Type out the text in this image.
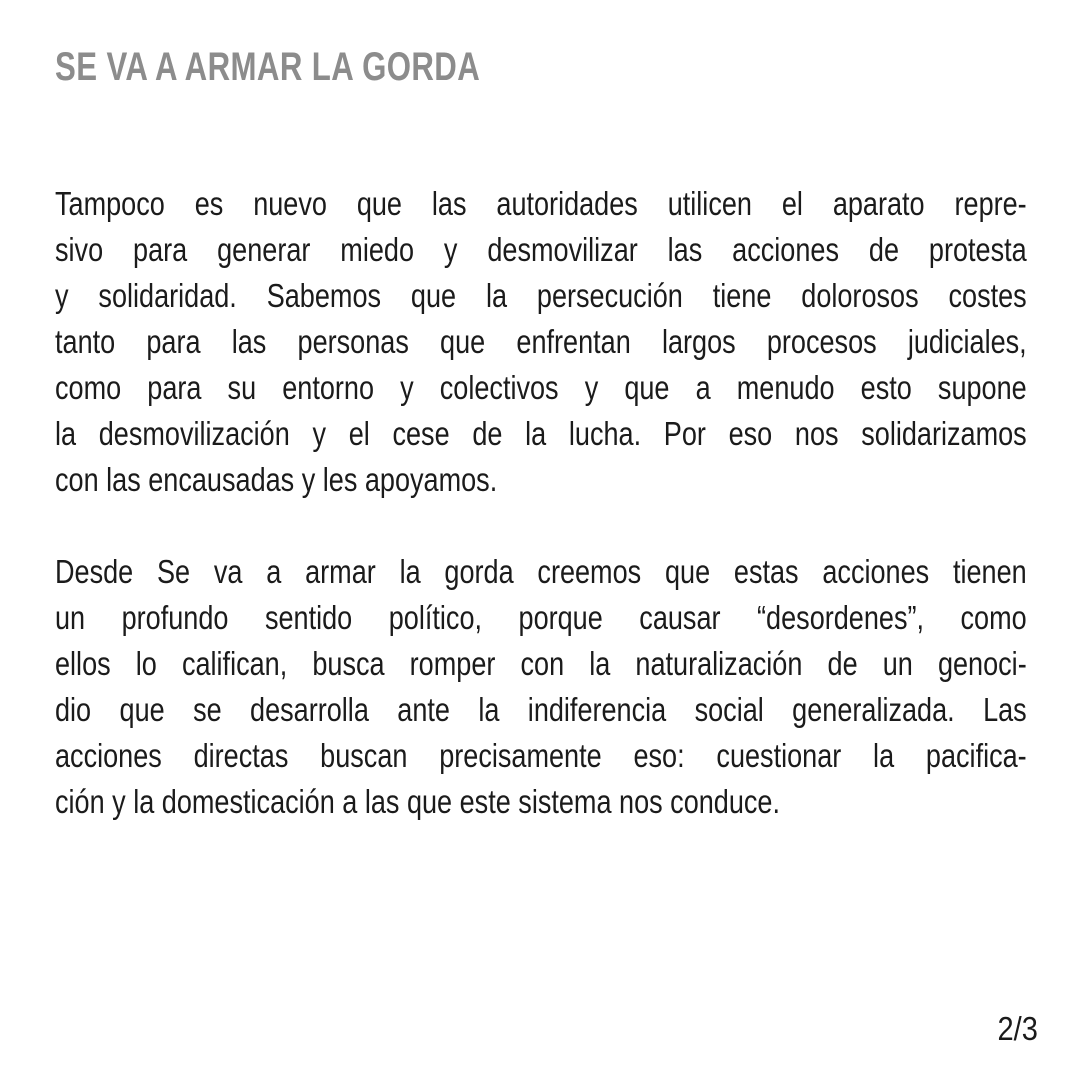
SE VA A ARMAR LA GORDA
Tampoco es nuevo que las autoridades utilicen el aparato repre-
sivo para generar miedo y desmovilizar las acciones de protesta
y solidaridad. Sabemos que la persecución tiene dolorosos costes
tanto para las personas que enfrentan largos procesos judiciales,
como para su entorno y colectivos y que a menudo esto supone
la desmovilización y el cese de la lucha. Por eso nos solidarizamos
con las encausadas y les apoyamos.
Desde Se va a armar la gorda creemos que estas acciones tienen
un profundo sentido político, porque causar “desordenes”, como
ellos lo califican, busca romper con la naturalización de un genoci-
dio que se desarrolla ante la indiferencia social generalizada. Las
acciones directas buscan precisamente eso: cuestionar la pacifica-
ción y la domesticación a las que este sistema nos conduce.
2/3
